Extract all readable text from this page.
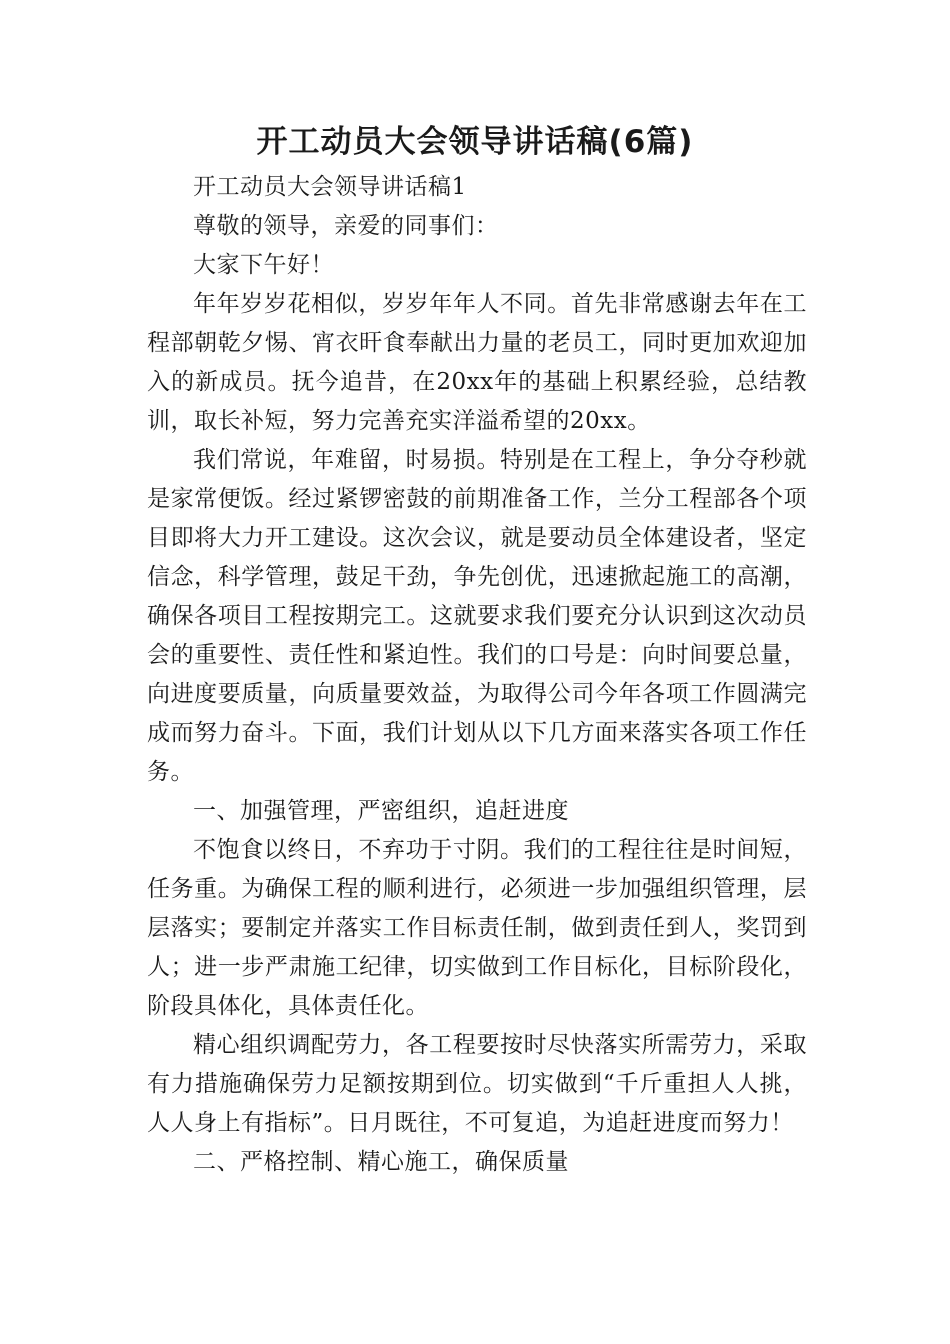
开工动员大会领导讲话稿(6篇)

开工动员大会领导讲话稿1

尊敬的领导，亲爱的同事们：

大家下午好！

年年岁岁花相似，岁岁年年人不同。首先非常感谢去年在工程部朝乾夕惕、宵衣旰食奉献出力量的老员工，同时更加欢迎加入的新成员。抚今追昔，在20xx年的基础上积累经验，总结教训，取长补短，努力完善充实洋溢希望的20xx。

我们常说，年难留，时易损。特别是在工程上，争分夺秒就是家常便饭。经过紧锣密鼓的前期准备工作，兰分工程部各个项目即将大力开工建设。这次会议，就是要动员全体建设者，坚定信念，科学管理，鼓足干劲，争先创优，迅速掀起施工的高潮，确保各项目工程按期完工。这就要求我们要充分认识到这次动员会的重要性、责任性和紧迫性。我们的口号是：向时间要总量，向进度要质量，向质量要效益，为取得公司今年各项工作圆满完成而努力奋斗。下面，我们计划从以下几方面来落实各项工作任务。

一、加强管理，严密组织，追赶进度

不饱食以终日，不弃功于寸阴。我们的工程往往是时间短，任务重。为确保工程的顺利进行，必须进一步加强组织管理，层层落实；要制定并落实工作目标责任制，做到责任到人，奖罚到人；进一步严肃施工纪律，切实做到工作目标化，目标阶段化，阶段具体化，具体责任化。

精心组织调配劳力，各工程要按时尽快落实所需劳力，采取有力措施确保劳力足额按期到位。切实做到“千斤重担人人挑，人人身上有指标”。日月既往，不可复追，为追赶进度而努力！

二、严格控制、精心施工，确保质量
